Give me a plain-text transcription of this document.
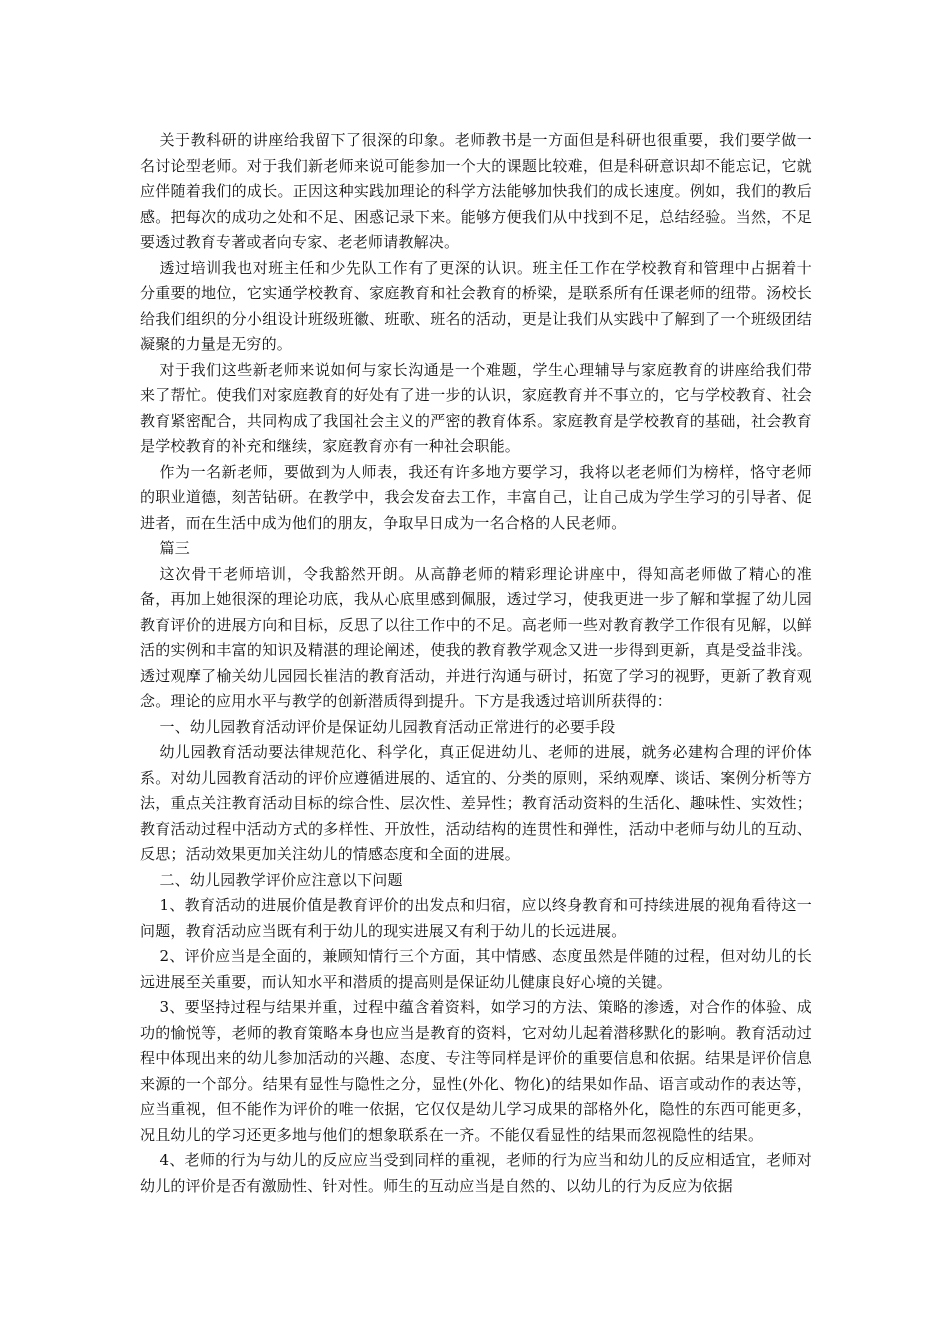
关于教科研的讲座给我留下了很深的印象。老师教书是一方面但是科研也很重要，我们要学做一名讨论型老师。对于我们新老师来说可能参加一个大的课题比较难，但是科研意识却不能忘记，它就应伴随着我们的成长。正因这种实践加理论的科学方法能够加快我们的成长速度。例如，我们的教后感。把每次的成功之处和不足、困惑记录下来。能够方便我们从中找到不足，总结经验。当然，不足要透过教育专著或者向专家、老老师请教解决。

透过培训我也对班主任和少先队工作有了更深的认识。班主任工作在学校教育和管理中占据着十分重要的地位，它实通学校教育、家庭教育和社会教育的桥梁，是联系所有任课老师的纽带。汤校长给我们组织的分小组设计班级班徽、班歌、班名的活动，更是让我们从实践中了解到了一个班级团结凝聚的力量是无穷的。

对于我们这些新老师来说如何与家长沟通是一个难题，学生心理辅导与家庭教育的讲座给我们带来了帮忙。使我们对家庭教育的好处有了进一步的认识，家庭教育并不事立的，它与学校教育、社会教育紧密配合，共同构成了我国社会主义的严密的教育体系。家庭教育是学校教育的基础，社会教育是学校教育的补充和继续，家庭教育亦有一种社会职能。

作为一名新老师，要做到为人师表，我还有许多地方要学习，我将以老老师们为榜样，恪守老师的职业道德，刻苦钻研。在教学中，我会发奋去工作，丰富自己，让自己成为学生学习的引导者、促进者，而在生活中成为他们的朋友，争取早日成为一名合格的人民老师。

篇三

这次骨干老师培训，令我豁然开朗。从高静老师的精彩理论讲座中，得知高老师做了精心的准备，再加上她很深的理论功底，我从心底里感到佩服，透过学习，使我更进一步了解和掌握了幼儿园教育评价的进展方向和目标，反思了以往工作中的不足。高老师一些对教育教学工作很有见解，以鲜活的实例和丰富的知识及精湛的理论阐述，使我的教育教学观念又进一步得到更新，真是受益非浅。透过观摩了榆关幼儿园园长崔洁的教育活动，并进行沟通与研讨，拓宽了学习的视野，更新了教育观念。理论的应用水平与教学的创新潜质得到提升。下方是我透过培训所获得的：

一、幼儿园教育活动评价是保证幼儿园教育活动正常进行的必要手段

幼儿园教育活动要法律规范化、科学化，真正促进幼儿、老师的进展，就务必建构合理的评价体系。对幼儿园教育活动的评价应遵循进展的、适宜的、分类的原则，采纳观摩、谈话、案例分析等方法，重点关注教育活动目标的综合性、层次性、差异性；教育活动资料的生活化、趣味性、实效性；教育活动过程中活动方式的多样性、开放性，活动结构的连贯性和弹性，活动中老师与幼儿的互动、反思；活动效果更加关注幼儿的情感态度和全面的进展。

二、幼儿园教学评价应注意以下问题

1、教育活动的进展价值是教育评价的出发点和归宿，应以终身教育和可持续进展的视角看待这一问题，教育活动应当既有利于幼儿的现实进展又有利于幼儿的长远进展。

2、评价应当是全面的，兼顾知情行三个方面，其中情感、态度虽然是伴随的过程，但对幼儿的长远进展至关重要，而认知水平和潜质的提高则是保证幼儿健康良好心境的关键。

3、要坚持过程与结果并重，过程中蕴含着资料，如学习的方法、策略的渗透，对合作的体验、成功的愉悦等，老师的教育策略本身也应当是教育的资料，它对幼儿起着潜移默化的影响。教育活动过程中体现出来的幼儿参加活动的兴趣、态度、专注等同样是评价的重要信息和依据。结果是评价信息来源的一个部分。结果有显性与隐性之分，显性(外化、物化)的结果如作品、语言或动作的表达等，应当重视，但不能作为评价的唯一依据，它仅仅是幼儿学习成果的部格外化，隐性的东西可能更多，况且幼儿的学习还更多地与他们的想象联系在一齐。不能仅看显性的结果而忽视隐性的结果。

4、老师的行为与幼儿的反应应当受到同样的重视，老师的行为应当和幼儿的反应相适宜，老师对幼儿的评价是否有激励性、针对性。师生的互动应当是自然的、以幼儿的行为反应为依据
